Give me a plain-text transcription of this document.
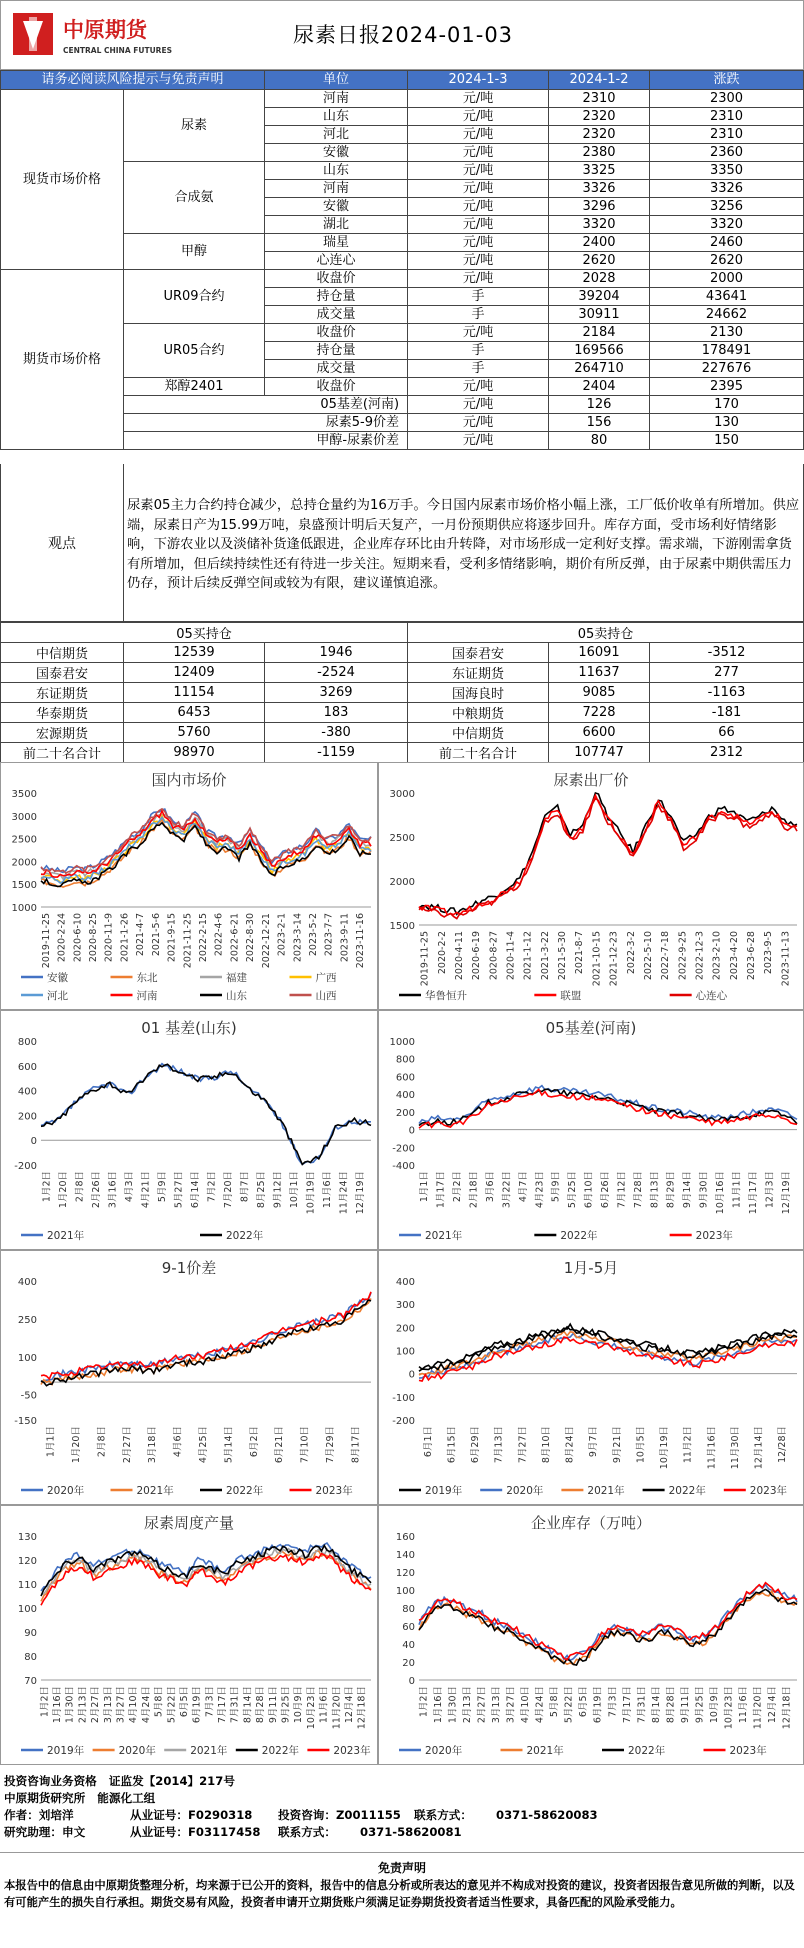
中原期货
CENTRAL CHINA FUTURES
尿素日报2024-01-03
请务必阅读风险提示与免责声明		单位	2024-1-3	2024-1-2	涨跌	
现货市场价格	尿素	河南	元/吨	2310	2300	
		山东	元/吨	2320	2310	
		河北	元/吨	2320	2310	
		安徽	元/吨	2380	2360	
	合成氨	山东	元/吨	3325	3350	
		河南	元/吨	3326	3326	
		安徽	元/吨	3296	3256	
		湖北	元/吨	3320	3320	
	甲醇	瑞星	元/吨	2400	2460	
		心连心	元/吨	2620	2620	
期货市场价格	UR09合约	收盘价	元/吨	2028	2000	
		持仓量	手	39204	43641	
		成交量	手	30911	24662	
	UR05合约	收盘价	元/吨	2184	2130	
		持仓量	手	169566	178491	
		成交量	手	264710	227676	
	郑醇2401	收盘价	元/吨	2404	2395	
	05基差(河南)		元/吨	126	170	
	尿素5-9价差		元/吨	156	130	
	甲醇-尿素价差		元/吨	80	150	
观点
尿素05主力合约持仓减少，总持仓量约为16万手。今日国内尿素市场价格小幅上涨，工厂低价收单有所增加。供应端，尿素日产为15.99万吨，泉盛预计明后天复产，一月份预期供应将逐步回升。库存方面，受市场利好情绪影响，下游农业以及淡储补货逢低跟进，企业库存环比由升转降，对市场形成一定利好支撑。需求端，下游刚需拿货有所增加，但后续持续性还有待进一步关注。短期来看，受利多情绪影响，期价有所反弹，由于尿素中期供需压力仍存，预计后续反弹空间或较为有限，建议谨慎追涨。
05买持仓			05卖持仓		
中信期货	12539	1946	国泰君安	16091	-3512
国泰君安	12409	-2524	东证期货	11637	277
东证期货	11154	3269	国海良时	9085	-1163
华泰期货	6453	183	中粮期货	7228	-181
宏源期货	5760	-380	中信期货	6600	66
前二十名合计	98970	-1159	前二十名合计	107747	2312
国内市场价
3500
3000
2500
2000
1500
1000
2019-11-25 2020-2-24 2020-6-10 2020-8-25 2020-11-9 2021-1-26 2021-4-7 2021-5-6 2021-9-15 2021-11-25 2022-2-15 2022-4-6 2022-6-21 2022-8-30 2022-12-21 2023-2-1 2023-3-14 2023-5-2 2023-7-7 2023-9-11 2023-11-16
安徽	东北	福建	广西
河北	河南	山东	山西
尿素出厂价
3000
2500
2000
1500
2019-11-25 2020-2-2 2020-4-11 2020-6-19 2020-8-27 2020-11-4 2021-1-12 2021-3-22 2021-5-30 2021-8-7 2021-10-15 2021-12-23 2022-3-2 2022-5-10 2022-7-18 2022-9-25 2022-12-3 2023-2-10 2023-4-20 2023-6-28 2023-9-5 2023-11-13
华鲁恒升	联盟	心连心
01 基差(山东)
800
600
400
200
0
-200
1月2日 1月20日 2月8日 2月26日 3月16日 4月3日 4月21日 5月9日 5月27日 6月14日 7月2日 7月20日 8月7日 8月25日 9月12日 10月1日 10月19日 11月6日 11月24日 12月19日
2021年	2022年
05基差(河南)
1000
800
600
400
200
0
-200
-400
1月1日 1月17日 2月2日 2月18日 3月6日 3月22日 4月7日 4月23日 5月9日 5月25日 6月10日 6月26日 7月12日 7月28日 8月13日 8月29日 9月14日 9月30日 10月16日 11月1日 11月17日 12月3日 12月19日
2021年	2022年	2023年
9-1价差
400
250
100
-50
-150
1月1日 1月20日 2月8日 2月27日 3月18日 4月6日 4月25日 5月14日 6月2日 6月21日 7月10日 7月29日 8月17日
2020年	2021年	2022年	2023年
1月-5月
400
300
200
100
0
-100
-200
6月1日 6月15日 6月29日 7月13日 7月27日 8月10日 8月24日 9月7日 9月21日 10月5日 10月19日 11月2日 11月16日 11月30日 12月14日 12/28日
2019年	2020年	2021年	2022年	2023年
尿素周度产量
130
120
110
100
90
80
70
1月2日 1月16日 1月30日 2月13日 2月27日 3月13日 3月27日 4月10日 4月24日 5月8日 5月22日 6月5日 6月19日 7月3日 7月17日 7月31日 8月14日 8月28日 9月11日 9月25日 10月9日 10月23日 11月6日 11月20日 12月4日 12月18日
2019年	2020年	2021年	2022年	2023年
企业库存（万吨）
160
140
120
100
80
60
40
20
0
1月2日 1月16日 1月30日 2月13日 2月27日 3月13日 3月27日 4月10日 4月24日 5月8日 5月22日 6月5日 6月19日 7月3日 7月17日 7月31日 8月14日 8月28日 9月11日 9月25日 10月9日 10月23日 11月6日 11月20日 12月4日 12月18日
2020年	2021年	2022年	2023年
投资咨询业务资格 证监发【2014】217号
中原期货研究所 能源化工组
作者：刘培洋	从业证号：F0290318 投资咨询：Z0011155 联系方式： 0371-58620083
研究助理：申文	从业证号：F03117458 联系方式： 0371-58620081
免责声明
本报告中的信息由中原期货整理分析，均来源于已公开的资料，报告中的信息分析或所表达的意见并不构成对投资的建议，投资者因报告意见所做的判断，以及有可能产生的损失自行承担。期货交易有风险，投资者申请开立期货账户须满足证券期货投资者适当性要求，具备匹配的风险承受能力。
